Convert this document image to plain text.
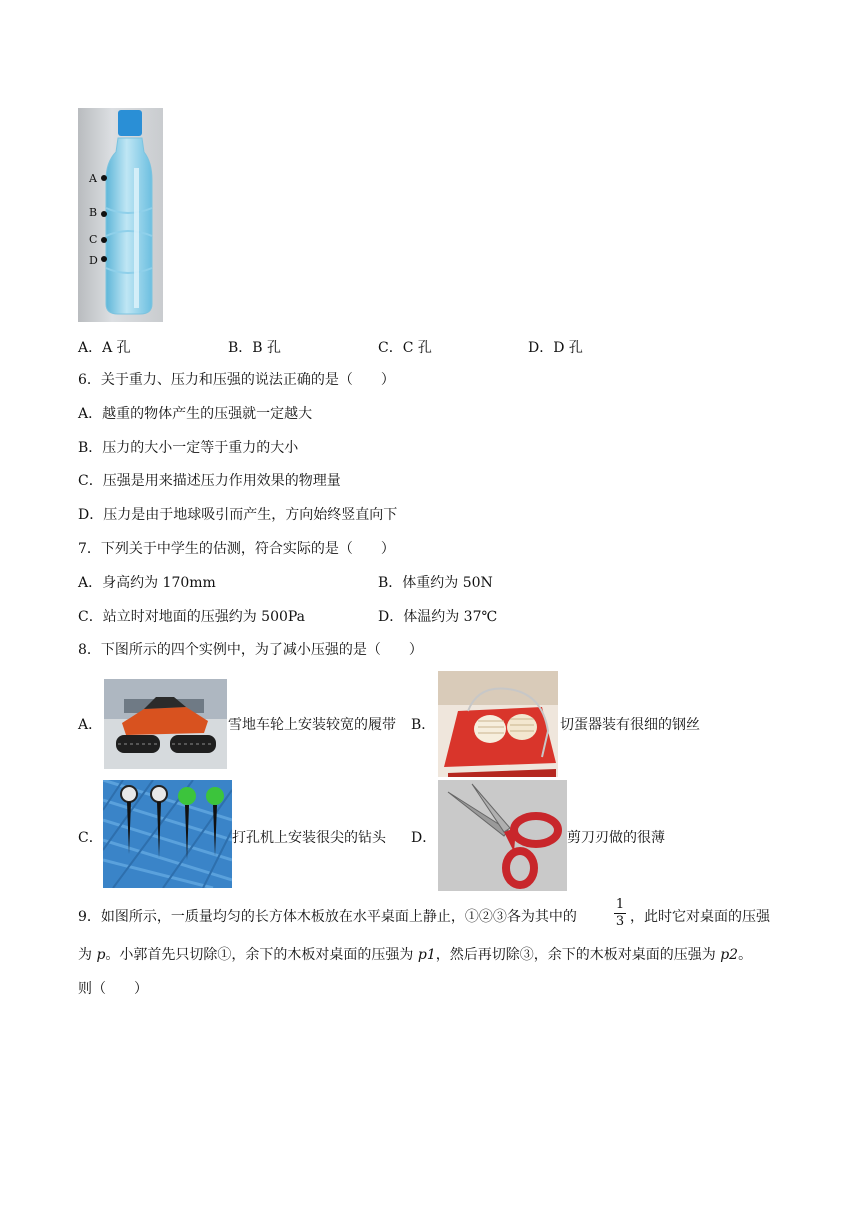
A
B
C
D
A．A 孔	B．B 孔	C．C 孔	D．D 孔
6．关于重力、压力和压强的说法正确的是（　　）
A．越重的物体产生的压强就一定越大
B．压力的大小一定等于重力的大小
C．压强是用来描述压力作用效果的物理量
D．压力是由于地球吸引而产生，方向始终竖直向下
7．下列关于中学生的估测，符合实际的是（　　）
A．身高约为 170mm	B．体重约为 50N
C．站立时对地面的压强约为 500Pa	D．体温约为 37℃
8．下图所示的四个实例中，为了减小压强的是（　　）
A．	雪地车轮上安装较宽的履带 B．	切蛋器装有很细的钢丝
C．	打孔机上安装很尖的钻头 D．	剪刀刃做的很薄
9．如图所示，一质量均匀的长方体木板放在水平桌面上静止，①②③各为其中的
1
3 ，此时它对桌面的压强
为 p。小郭首先只切除①，余下的木板对桌面的压强为 p1，然后再切除③，余下的木板对桌面的压强为 p2。
则（　　）
